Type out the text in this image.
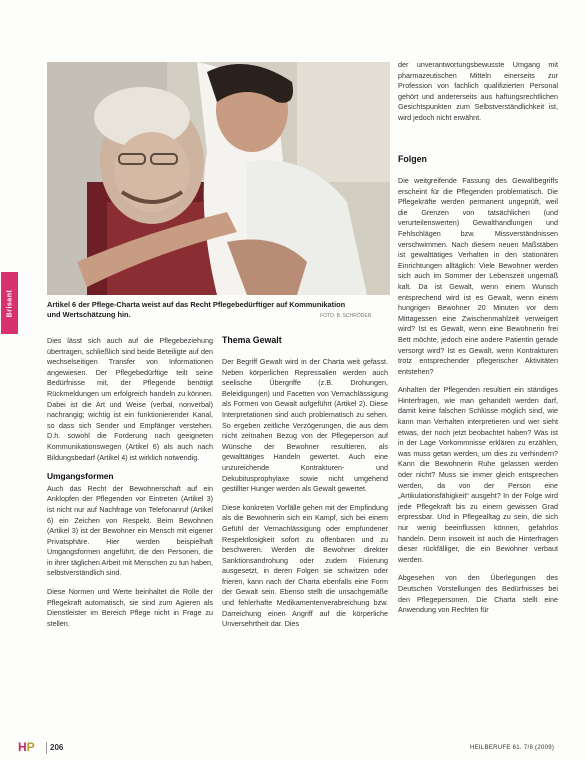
Brisant	Artikel 6 der Pflege-Charta weist auf das Recht Pflegebedürftiger auf Kommunikation

und Wertschätzung hin.	FOTO: B. SCHRÖDER

Dies lässt sich auch auf die Pflegebeziehung übertragen, schließlich sind beide Beteiligte auf den wechselseitigen Transfer von Informationen angewiesen. Der Pflegebedürftige teilt seine Bedürfnisse mit, der Pflegende benötigt Rückmeldungen um erfolgreich handeln zu können. Dabei ist die Art und Weise (verbal, nonverbal) nachrangig; wichtig ist ein funktionierender Kanal, so dass sich Sender und Empfänger verstehen. D.h. sowohl die Forderung nach geeigneten Kommunikationswegen (Artikel 6) als auch nach Bildungsbedarf (Artikel 4) ist wirklich notwendig.

Umgangsformen

Auch das Recht der Bewohnerschaft auf ein Anklopfen der Pflegenden vor Eintreten (Artikel 3) ist nicht nur auf Nachfrage von Telefonanruf (Artikel 6) ein Zeichen von Respekt. Beim Bewohnen (Artikel 3) ist der Bewohner ein Mensch mit eigener Privatsphäre. Hier werden beispielhaft Umgangsformen angeführt, die den Personen, die in ihrer täglichen Arbeit mit Menschen zu tun haben, selbstverständlich sind.

Diese Normen und Werte beinhaltet die Rolle der Pflegekraft automatisch, sie sind zum Agieren als Dienstleister im Bereich Pflege nicht in Frage zu stellen.

Thema Gewalt

Der Begriff Gewalt wird in der Charta weit gefasst. Neben körperlichen Repressalien werden auch seelische Übergriffe (z.B. Drohungen, Beleidigungen) und Facetten von Vernachlässigung als Formen von Gewalt aufgeführt (Artikel 2). Diese Interpretationen sind auch problematisch zu sehen. So ergeben zeitliche Verzögerungen, die aus dem nicht zeitnahen Bezug von der Pflegeperson auf Wünsche der Bewohner resultieren, als gewalttätiges Handeln gewertet. Auch eine unzureichende Kontrakturen- und Dekubitusprophylaxe sowie nicht umgehend gestillter Hunger werden als Gewalt gewertet.

Diese konkreten Vorfälle gehen mit der Empfindung als die Bewohnerin sich ein Kampf, sich bei einem Gefühl der Vernachlässigung oder empfundener Respektlosigkeit sofort zu offenbaren und zu beschweren. Werden die Bewohner direkter Sanktionsandrohung oder zudem Fixierung ausgesetzt, in deren Folgen sie schwitzen oder frieren, kann nach der Charta ebenfalls eine Form der Gewalt sein. Ebenso stellt die unsachgemäße und fehlerhafte Medikamentenverabreichung bzw. Darreichung einen Angriff auf die körperliche Unversehrtheit dar. Dies

der unverantwortungsbewusste Umgang mit pharmazeutischen Mitteln einerseits zur Profession von fachlich qualifizierten Personal gehört und andererseits aus haftungsrechtlichen Gesichtspunkten zum Selbstverständlichkeit ist, wird jedoch nicht erwähnt.

Folgen

Die weitgreifende Fassung des Gewaltbegriffs erscheint für die Pflegenden problematisch. Die Pflegekräfte werden permanent ungeprüft, weil die Grenzen von tatsächlichen (und verurteilenswerten) Gewalthandlungen und Fehlschlägen bzw. Missverständnissen verschwimmen. Nach diesem neuen Maßstäben ist gewalttätiges Verhalten in den stationären Einrichtungen alltäglich: Viele Bewohner werden sich auch im Sommer der Lebenszeit ungemäß kalt. Da ist Gewalt, wenn einem Wunsch entsprechend wird ist es Gewalt, wenn einem hungrigen Bewohner 20 Minuten vor dem Mittagessen eine Zwischenmahlzeit verweigert wird? Ist es Gewalt, wenn eine Bewohnerin frei Bett möchte, jedoch eine andere Patientin gerade versorgt wird? Ist es Gewalt, wenn Kontrakturen trotz entsprechender pflegerischer Aktivitäten entstehen?

Anhalten der Pflegenden resultiert ein ständiges Hinterfragen, wie man gehandelt werden darf, damit keine falschen Schlüsse möglich sind, wie kann man Verhalten interpretieren und wer sieht etwas, der noch jetzt beobachtet haben? Was ist in der Lage Vorkommnisse erklären zu erzählen, was muss getan werden, um dies zu verhindern? Kann die Bewohnerin Ruhe gelassen werden oder nicht? Muss sie immer gleich entsprechen werden, da von der Person eine „Artikulationsfähigkeit“ ausgeht? In der Folge wird jede Pflegekraft bis zu einem gewissen Grad erpressbar. Und in Pflegealltag zu sein, die sich nur wenig beeinflussen können, gefahrlos handeln. Denn insoweit ist auch die Hinterfragen dieser rückfälliger, die ein Bewohner verbaut werden.

Abgesehen von den Überlegungen des Deutschen Vorstellungen des Bedürfnisses bei den Pflegepersonen. Die Charta stellt eine Anwendung von Rechten für

HP 206	HEILBERUFE 61. 7/8 (2009)
